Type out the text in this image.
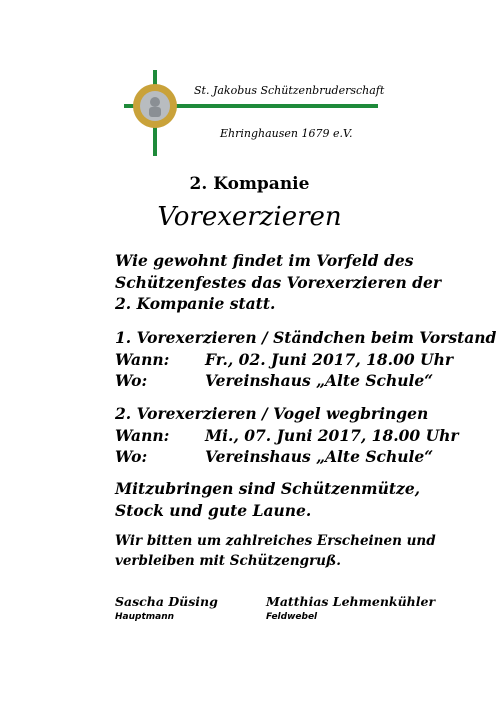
St. Jakobus Schützenbruderschaft
Ehringhausen 1679 e.V.
2. Kompanie
Vorexerzieren
Wie gewohnt findet im Vorfeld des Schützenfestes das Vorexerzieren der 2. Kompanie statt.
1. Vorexerzieren / Ständchen beim Vorstand
Wann: Fr., 02. Juni 2017, 18.00 Uhr
Wo:	Vereinshaus „Alte Schule“
2. Vorexerzieren / Vogel wegbringen
Wann: Mi., 07. Juni 2017, 18.00 Uhr
Wo:	Vereinshaus „Alte Schule“
Mitzubringen sind Schützenmütze, Stock und gute Laune.
Wir bitten um zahlreiches Erscheinen und verbleiben mit Schützengruß.
Sascha Düsing
Hauptmann
Matthias Lehmenkühler
Feldwebel
